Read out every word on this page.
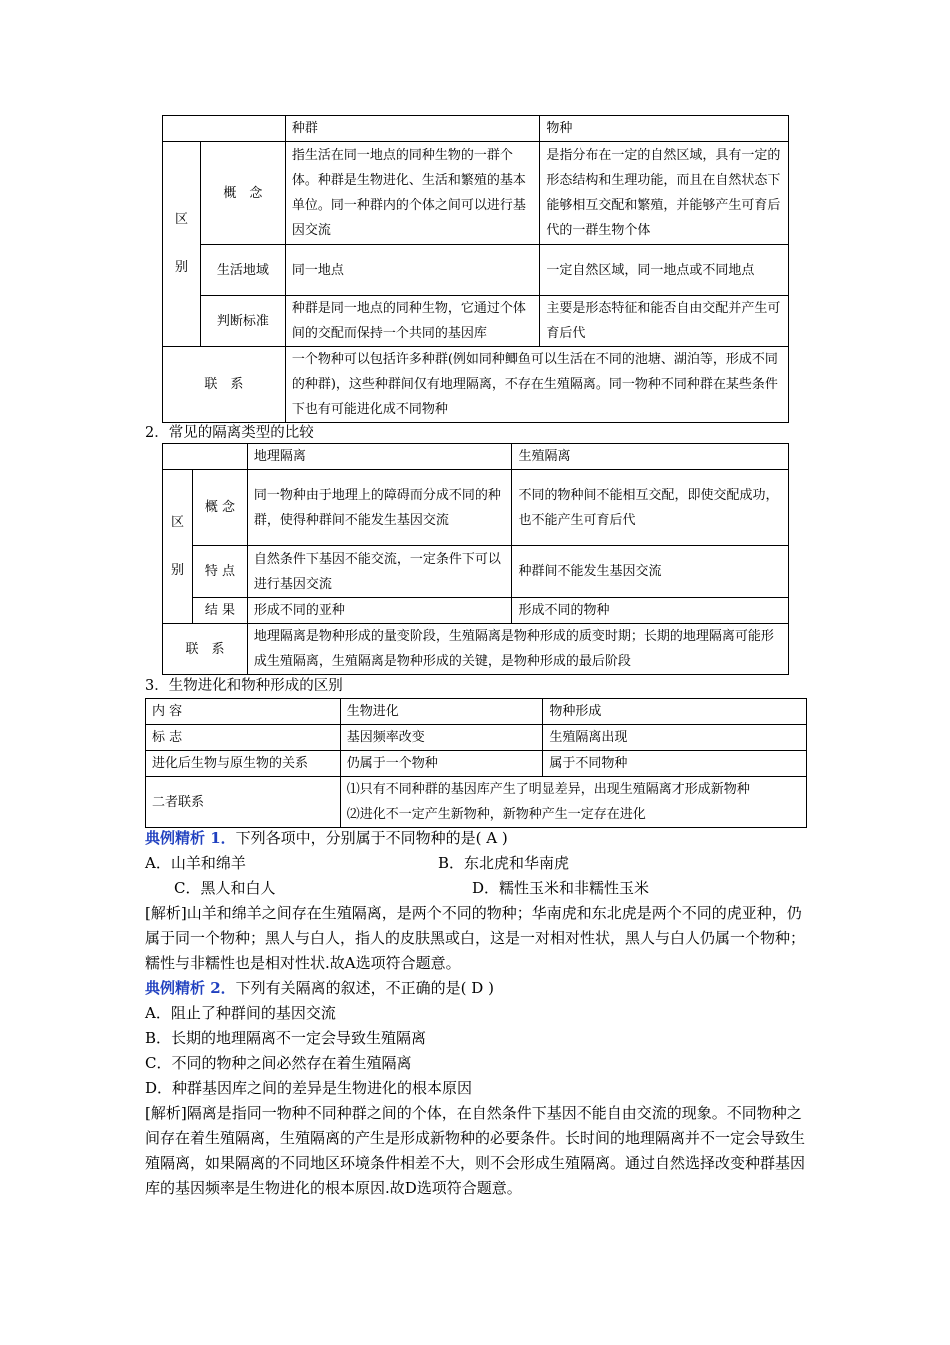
		种群	物种

区
别	概　念	指生活在同一地点的同种生物的一群个体。种群是生物进化、生活和繁殖的基本单位。同一种群内的个体之间可以进行基因交流	是指分布在一定的自然区域，具有一定的形态结构和生理功能，而且在自然状态下能够相互交配和繁殖，并能够产生可育后代的一群生物个体
	生活地域	同一地点	一定自然区域，同一地点或不同地点
	判断标准	种群是同一地点的同种生物，它通过个体间的交配而保持一个共同的基因库	主要是形态特征和能否自由交配并产生可育后代
联　系		一个物种可以包括许多种群(例如同种鲫鱼可以生活在不同的池塘、湖泊等，形成不同的种群)，这些种群间仅有地理隔离，不存在生殖隔离。同一物种不同种群在某些条件下也有可能进化成不同物种	
2．常见的隔离类型的比较
		地理隔离	生殖隔离

区
别	概 念	同一物种由于地理上的障碍而分成不同的种群，使得种群间不能发生基因交流	不同的物种间不能相互交配，即使交配成功，也不能产生可育后代
	特 点	自然条件下基因不能交流，一定条件下可以进行基因交流	种群间不能发生基因交流
	结 果	形成不同的亚种	形成不同的物种
联　系		地理隔离是物种形成的量变阶段，生殖隔离是物种形成的质变时期；长期的地理隔离可能形成生殖隔离，生殖隔离是物种形成的关键，是物种形成的最后阶段	
3．生物进化和物种形成的区别
内 容	生物进化	物种形成
标 志	基因频率改变	生殖隔离出现
进化后生物与原生物的关系	仍属于一个物种	属于不同物种
二者联系	⑴只有不同种群的基因库产生了明显差异，出现生殖隔离才形成新物种
⑵进化不一定产生新物种，新物种产生一定存在进化	
典例精析 1．下列各项中，分别属于不同物种的是( A )
A．山羊和绵羊	B．东北虎和华南虎
C．黑人和白人	D．糯性玉米和非糯性玉米
[解析]山羊和绵羊之间存在生殖隔离，是两个不同的物种；华南虎和东北虎是两个不同的虎亚种，仍属于同一个物种；黑人与白人，指人的皮肤黑或白，这是一对相对性状，黑人与白人仍属一个物种；糯性与非糯性也是相对性状.故A选项符合题意。
典例精析 2．下列有关隔离的叙述，不正确的是( D )
A．阻止了种群间的基因交流
B．长期的地理隔离不一定会导致生殖隔离
C．不同的物种之间必然存在着生殖隔离
D．种群基因库之间的差异是生物进化的根本原因
[解析]隔离是指同一物种不同种群之间的个体，在自然条件下基因不能自由交流的现象。不同物种之间存在着生殖隔离，生殖隔离的产生是形成新物种的必要条件。长时间的地理隔离并不一定会导致生殖隔离，如果隔离的不同地区环境条件相差不大，则不会形成生殖隔离。通过自然选择改变种群基因库的基因频率是生物进化的根本原因.故D选项符合题意。
